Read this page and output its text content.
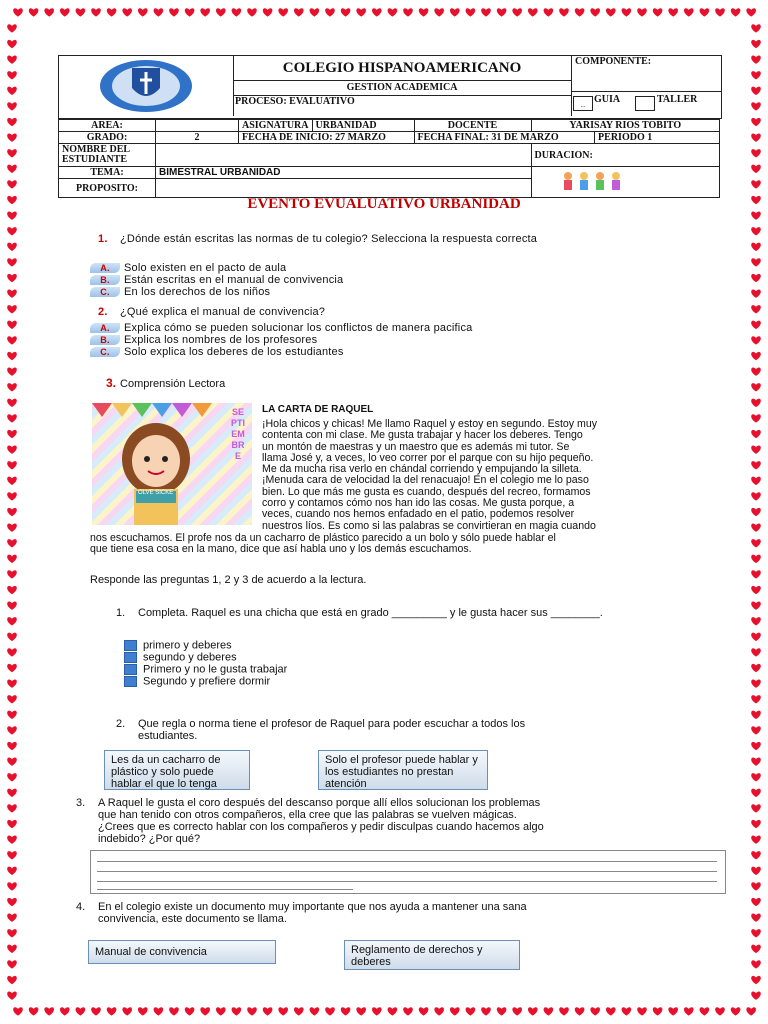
COLEGIO HISPANOAMERICANO
GESTION ACADEMICA
PROCESO: EVALUATIVO
COMPONENTE:
.. GUIA	TALLER
AREA:		ASIGNATURA	URBANIDAD	DOCENTE	YARISAY RIOS TOBITO	
GRADO:	2	FECHA DE INICIO: 27 MARZO		FECHA FINAL: 31 DE MARZO		PERIODO 1
NOMBRE DEL ESTUDIANTE					DURACION:	
TEMA:	BIMESTRAL URBANIDAD	

PROPOSITO:						
EVENTO EVUALUATIVO URBANIDAD
1. ¿Dónde están escritas las normas de tu colegio? Selecciona la respuesta correcta
A. Solo existen en el pacto de aula
B. Están escritas en el manual de convivencia
C. En los derechos de los niños
2. ¿Qué explica el manual de convivencia?
A. Explica cómo se pueden solucionar los conflictos de manera pacifica
B. Explica los nombres de los profesores
C. Solo explica los deberes de los estudiantes
3. Comprensión Lectora
OLVE SICKE
SEPTIEMBRE
LA CARTA DE RAQUEL
¡Hola chicos y chicas! Me llamo Raquel y estoy en segundo. Estoy muy
contenta con mi clase. Me gusta trabajar y hacer los deberes. Tengo
un montón de maestras y un maestro que es además mi tutor. Se
llama José y, a veces, lo veo correr por el parque con su hijo pequeño.
Me da mucha risa verlo en chándal corriendo y empujando la silleta.
¡Menuda cara de velocidad la del renacuajo! En el colegio me lo paso
bien. Lo que más me gusta es cuando, después del recreo, formamos
corro y contamos cómo nos han ido las cosas. Me gusta porque, a
veces, cuando nos hemos enfadado en el patio, podemos resolver
nuestros líos. Es como si las palabras se convirtieran en magia cuando
nos escuchamos. El profe nos da un cacharro de plástico parecido a un bolo y sólo puede hablar el
que tiene esa cosa en la mano, dice que así habla uno y los demás escuchamos.
Responde las preguntas 1, 2 y 3 de acuerdo a la lectura.
1. Completa. Raquel es una chicha que está en grado _________ y le gusta hacer sus ________.
primero y deberes
segundo y deberes
Primero y no le gusta trabajar
Segundo y prefiere dormir
2. Que regla o norma tiene el profesor de Raquel para poder escuchar a todos los
estudiantes.
Les da un cacharro de plástico y solo puede hablar el que lo tenga
Solo el profesor puede hablar y los estudiantes no prestan atención
3. A Raquel le gusta el coro después del descanso porque allí ellos solucionan los problemas
que han tenido con otros compañeros, ella cree que las palabras se vuelven mágicas.
¿Crees que es correcto hablar con los compañeros y pedir disculpas cuando hacemos algo
indebido? ¿Por qué?
4. En el colegio existe un documento muy importante que nos ayuda a mantener una sana
convivencia, este documento se llama.
Manual de convivencia	Reglamento de derechos y deberes
